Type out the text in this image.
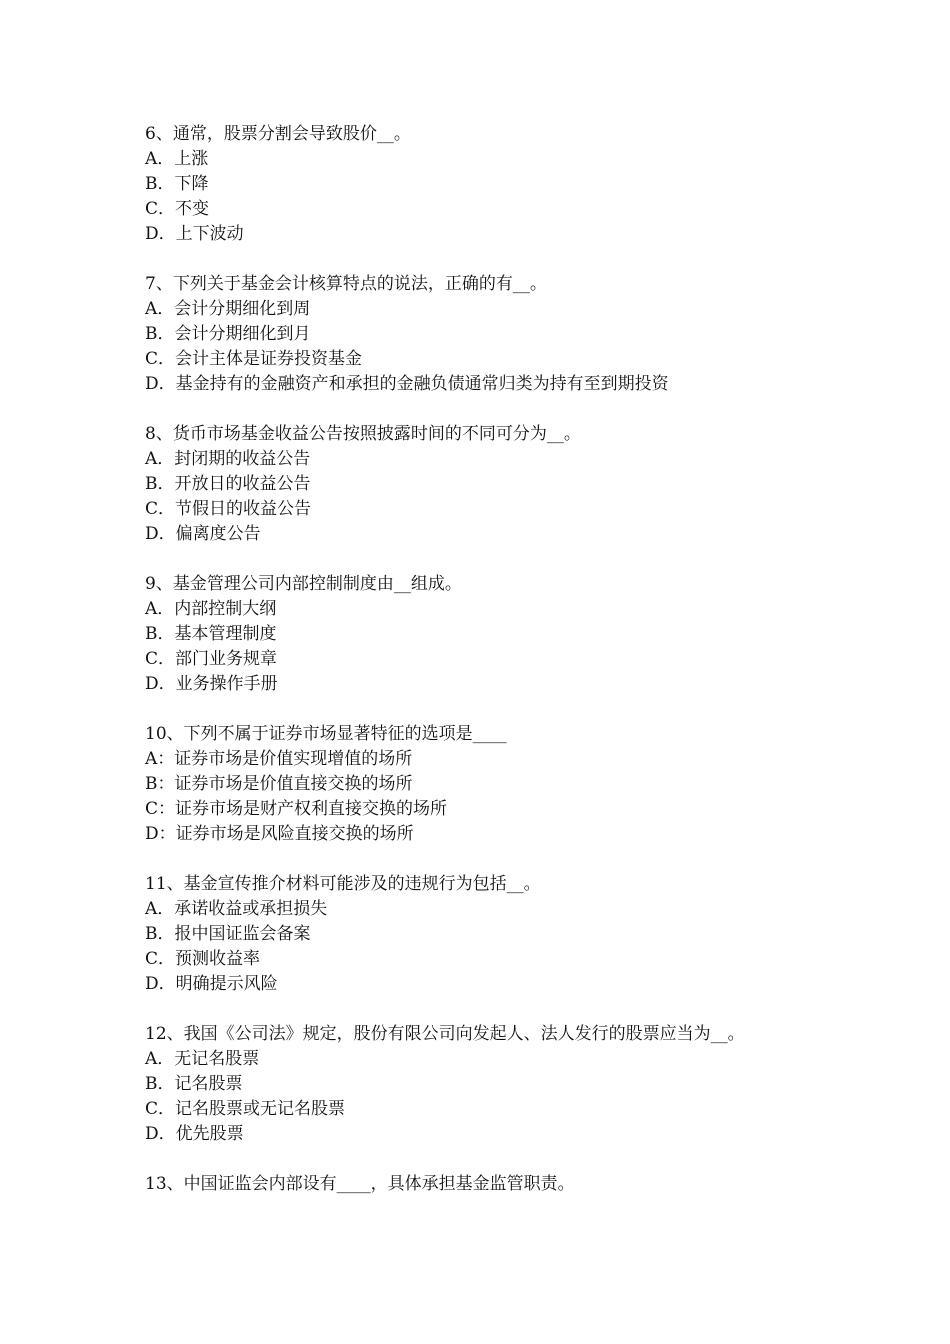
6、通常，股票分割会导致股价__。
A．上涨
B．下降
C．不变
D．上下波动
7、下列关于基金会计核算特点的说法，正确的有__。
A．会计分期细化到周
B．会计分期细化到月
C．会计主体是证券投资基金
D．基金持有的金融资产和承担的金融负债通常归类为持有至到期投资
8、货币市场基金收益公告按照披露时间的不同可分为__。
A．封闭期的收益公告
B．开放日的收益公告
C．节假日的收益公告
D．偏离度公告
9、基金管理公司内部控制制度由__组成。
A．内部控制大纲
B．基本管理制度
C．部门业务规章
D．业务操作手册
10、下列不属于证券市场显著特征的选项是____
A：证券市场是价值实现增值的场所
B：证券市场是价值直接交换的场所
C：证券市场是财产权利直接交换的场所
D：证券市场是风险直接交换的场所
11、基金宣传推介材料可能涉及的违规行为包括__。
A．承诺收益或承担损失
B．报中国证监会备案
C．预测收益率
D．明确提示风险
12、我国《公司法》规定，股份有限公司向发起人、法人发行的股票应当为__。
A．无记名股票
B．记名股票
C．记名股票或无记名股票
D．优先股票
13、中国证监会内部设有____，具体承担基金监管职责。
